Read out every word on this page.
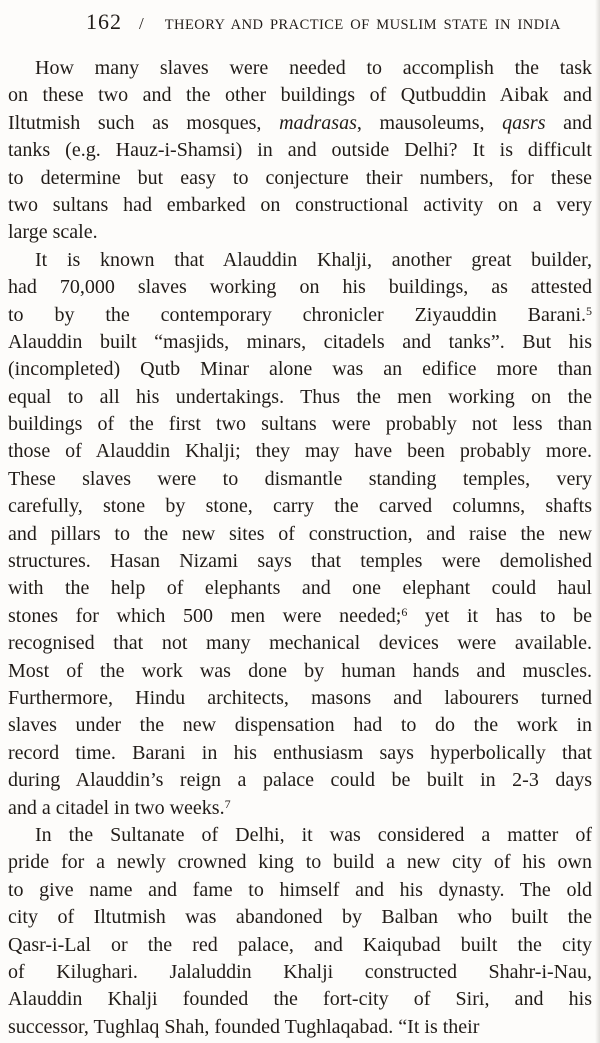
162 / THEORY AND PRACTICE OF MUSLIM STATE IN INDIA
How many slaves were needed to accomplish the task
on these two and the other buildings of Qutbuddin Aibak and
Iltutmish such as mosques, madrasas, mausoleums, qasrs and
tanks (e.g. Hauz-i-Shamsi) in and outside Delhi? It is difficult
to determine but easy to conjecture their numbers, for these
two sultans had embarked on constructional activity on a very
large scale.
It is known that Alauddin Khalji, another great builder,
had 70,000 slaves working on his buildings, as attested
to by the contemporary chronicler Ziyauddin Barani.$^5$
Alauddin built “masjids, minars, citadels and tanks”. But his
(incompleted) Qutb Minar alone was an edifice more than
equal to all his undertakings. Thus the men working on the
buildings of the first two sultans were probably not less than
those of Alauddin Khalji; they may have been probably more.
These slaves were to dismantle standing temples, very
carefully, stone by stone, carry the carved columns, shafts
and pillars to the new sites of construction, and raise the new
structures. Hasan Nizami says that temples were demolished
with the help of elephants and one elephant could haul
stones for which 500 men were needed;$^6$ yet it has to be
recognised that not many mechanical devices were available.
Most of the work was done by human hands and muscles.
Furthermore, Hindu architects, masons and labourers turned
slaves under the new dispensation had to do the work in
record time. Barani in his enthusiasm says hyperbolically that
during Alauddin’s reign a palace could be built in 2-3 days
and a citadel in two weeks.$^7$
In the Sultanate of Delhi, it was considered a matter of
pride for a newly crowned king to build a new city of his own
to give name and fame to himself and his dynasty. The old
city of Iltutmish was abandoned by Balban who built the
Qasr-i-Lal or the red palace, and Kaiqubad built the city
of Kilughari. Jalaluddin Khalji constructed Shahr-i-Nau,
Alauddin Khalji founded the fort-city of Siri, and his
successor, Tughlaq Shah, founded Tughlaqabad. “It is their
